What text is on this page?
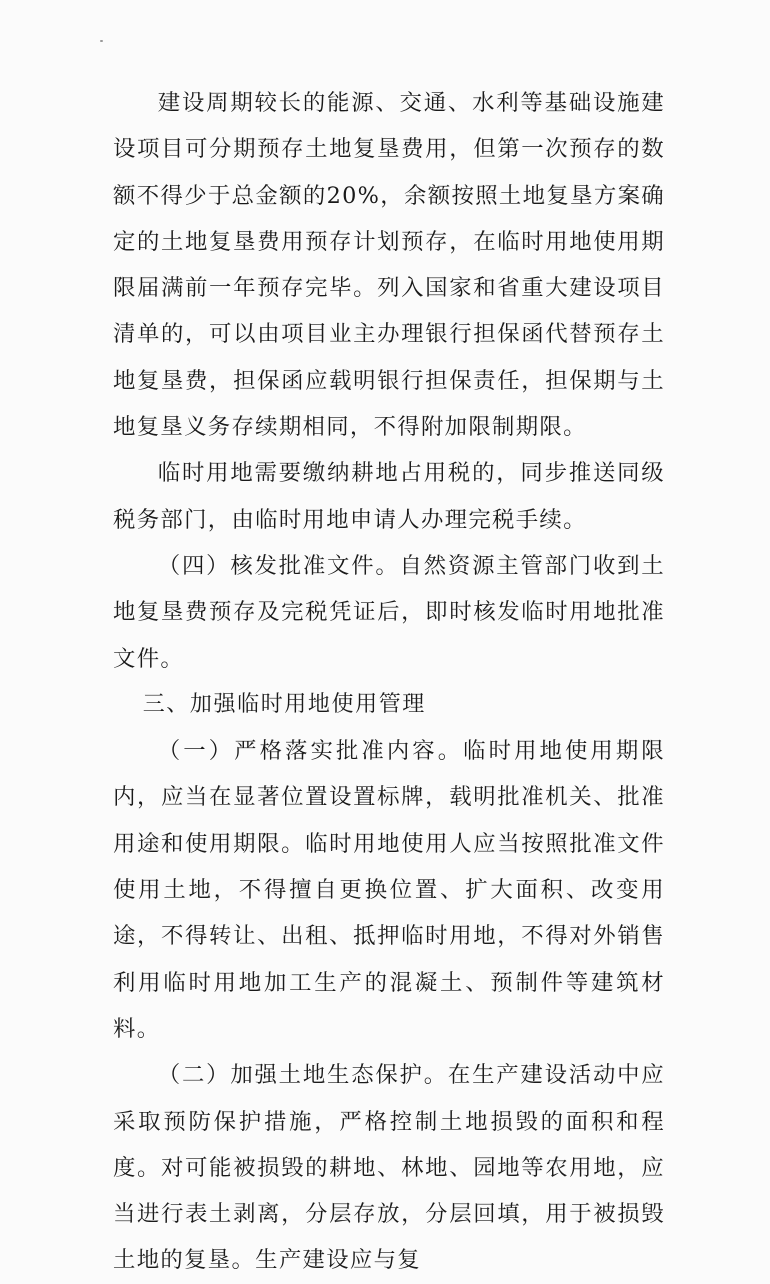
建设周期较长的能源、交通、水利等基础设施建设项目可分期预存土地复垦费用，但第一次预存的数额不得少于总金额的20%，余额按照土地复垦方案确定的土地复垦费用预存计划预存，在临时用地使用期限届满前一年预存完毕。列入国家和省重大建设项目清单的，可以由项目业主办理银行担保函代替预存土地复垦费，担保函应载明银行担保责任，担保期与土地复垦义务存续期相同，不得附加限制期限。

临时用地需要缴纳耕地占用税的，同步推送同级税务部门，由临时用地申请人办理完税手续。

（四）核发批准文件。自然资源主管部门收到土地复垦费预存及完税凭证后，即时核发临时用地批准文件。

三、加强临时用地使用管理

（一）严格落实批准内容。临时用地使用期限内，应当在显著位置设置标牌，载明批准机关、批准用途和使用期限。临时用地使用人应当按照批准文件使用土地，不得擅自更换位置、扩大面积、改变用途，不得转让、出租、抵押临时用地，不得对外销售利用临时用地加工生产的混凝土、预制件等建筑材料。

（二）加强土地生态保护。在生产建设活动中应采取预防保护措施，严格控制土地损毁的面积和程度。对可能被损毁的耕地、林地、园地等农用地，应当进行表土剥离，分层存放，分层回填，用于被损毁土地的复垦。生产建设应与复
